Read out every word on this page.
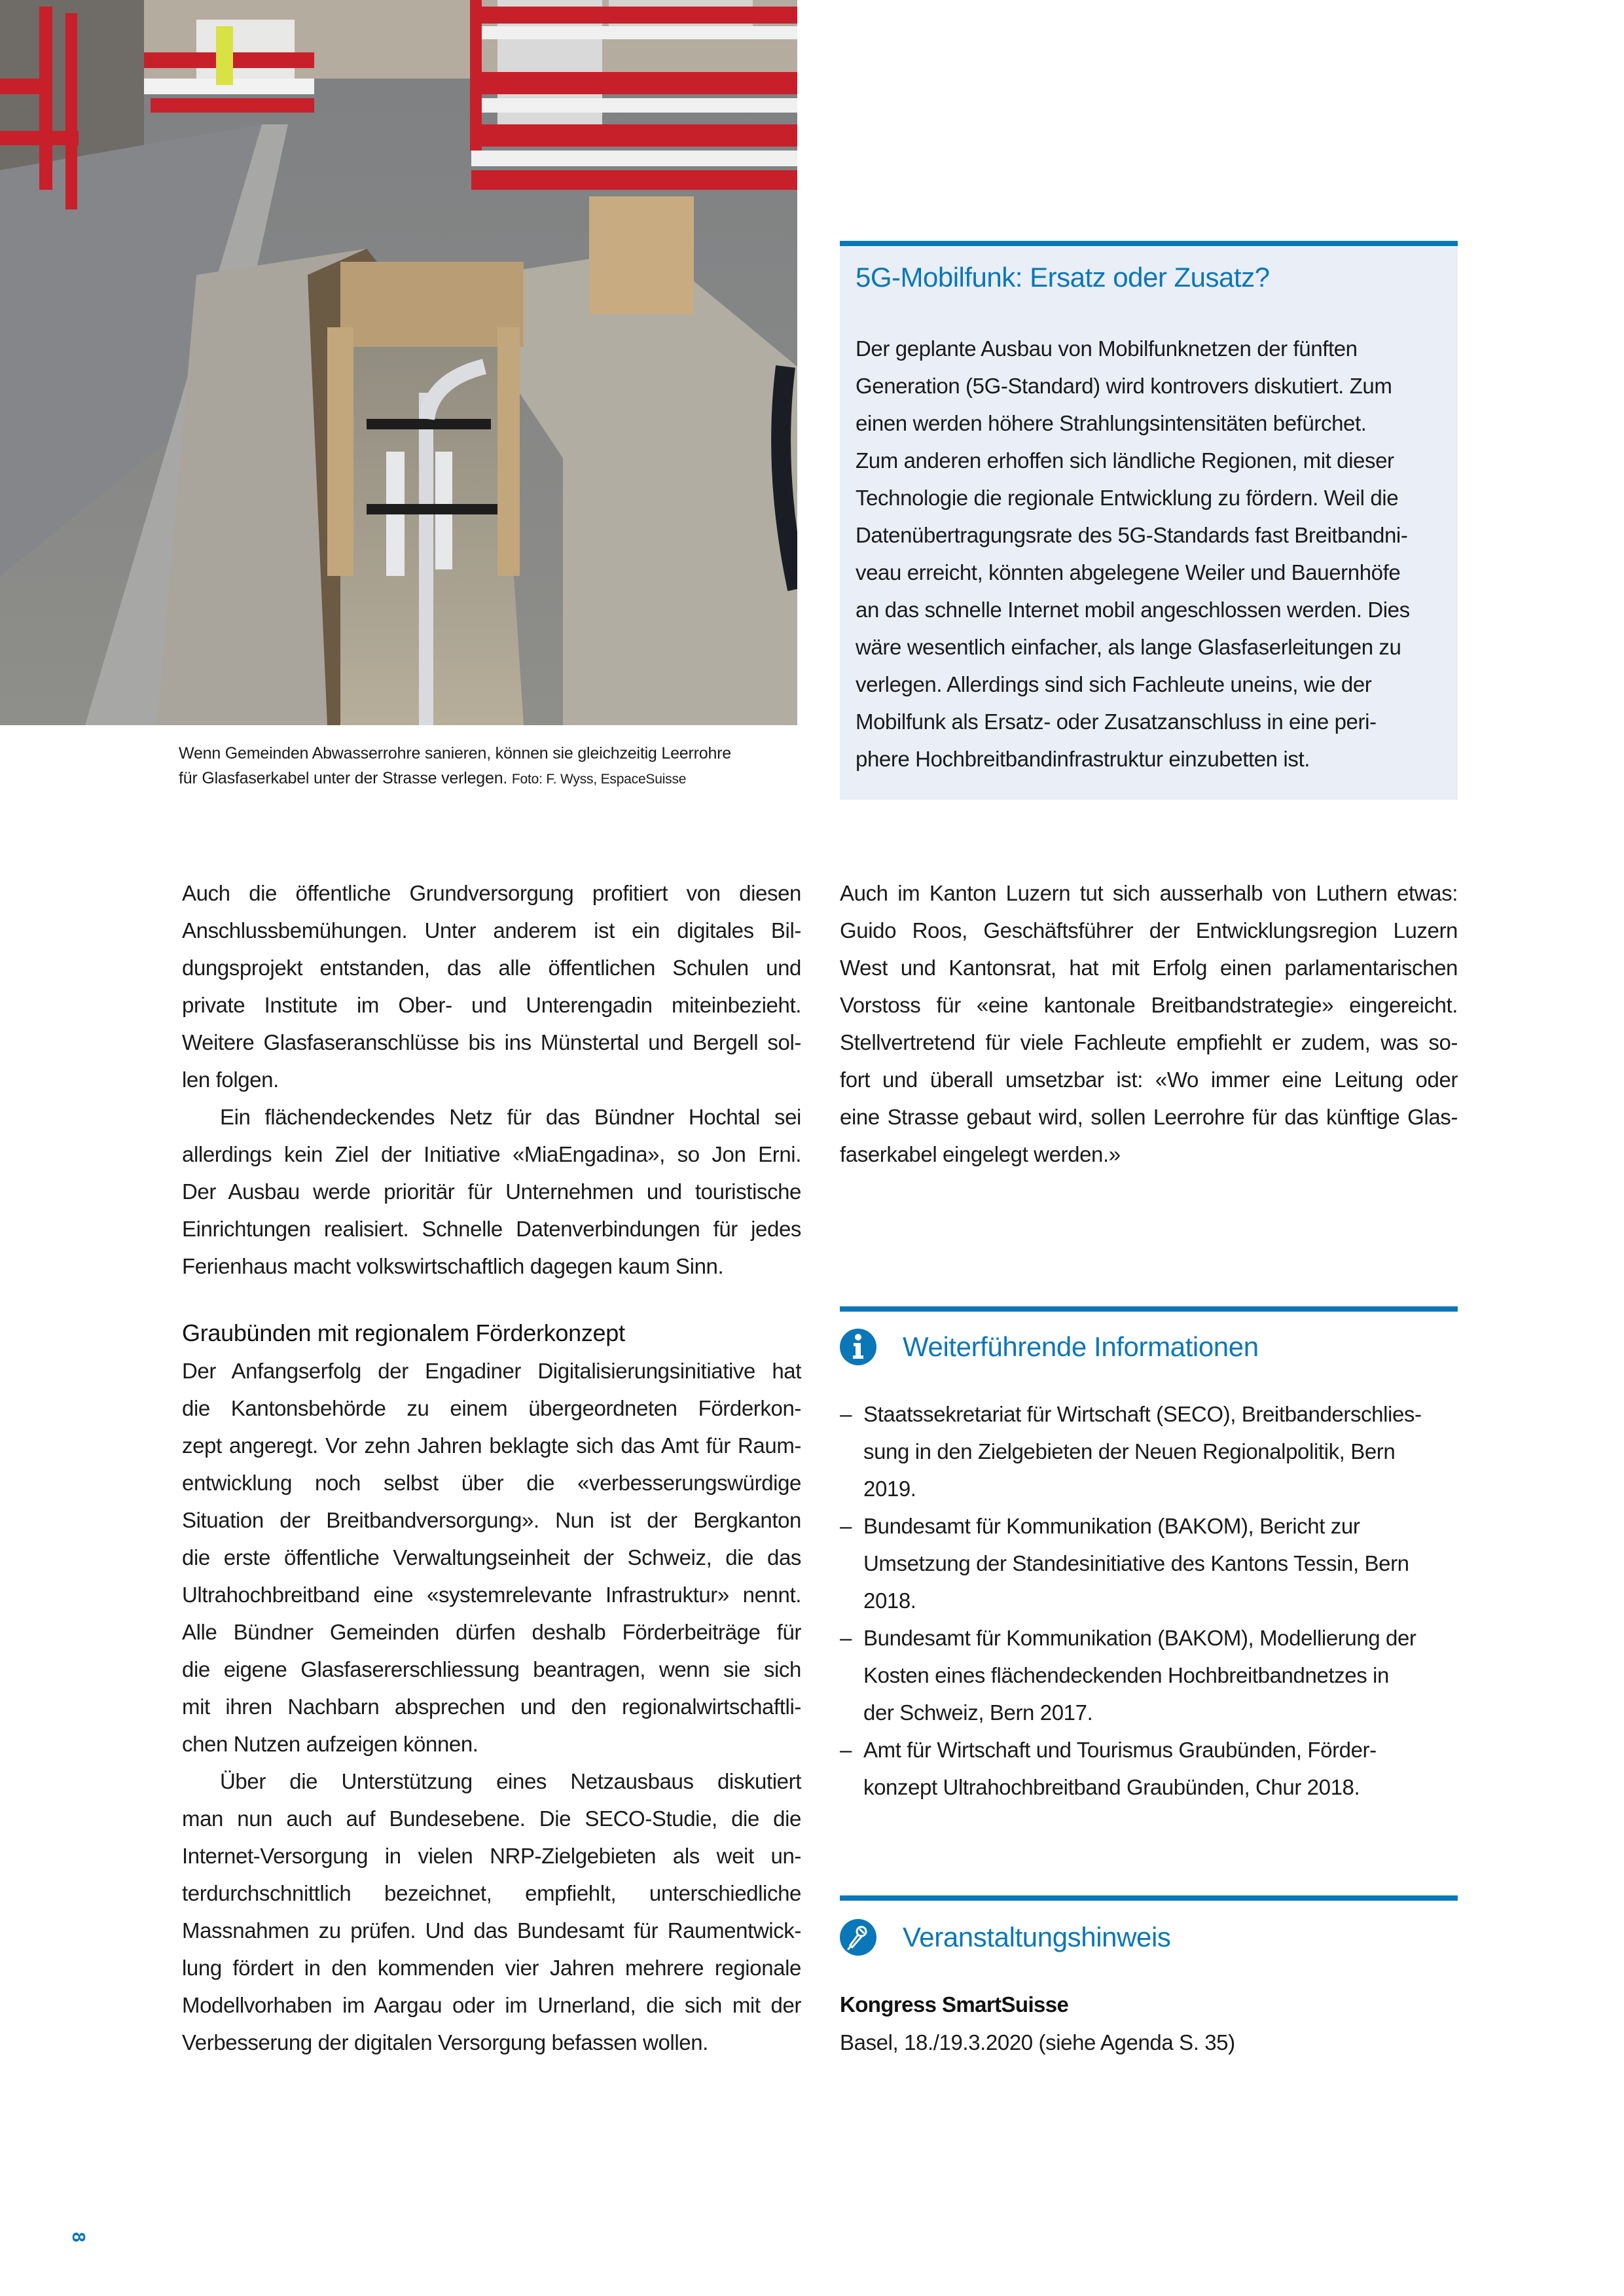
Wenn Gemeinden Abwasserrohre sanieren, können sie gleichzeitig Leerrohre
für Glasfaserkabel unter der Strasse verlegen. Foto: F. Wyss, EspaceSuisse
5G-Mobilfunk: Ersatz oder Zusatz?
Der geplante Ausbau von Mobilfunknetzen der fünften
Generation (5G-Standard) wird kontrovers diskutiert. Zum
einen werden höhere Strahlungsintensitäten befürchet.
Zum anderen erhoffen sich ländliche Regionen, mit dieser
Technologie die regionale Entwicklung zu fördern. Weil die
Datenübertragungsrate des 5G-Standards fast Breitbandni-
veau erreicht, könnten abgelegene Weiler und Bauernhöfe
an das schnelle Internet mobil angeschlossen werden. Dies
wäre wesentlich einfacher, als lange Glasfaserleitungen zu
verlegen. Allerdings sind sich Fachleute uneins, wie der
Mobilfunk als Ersatz- oder Zusatzanschluss in eine peri-
phere Hochbreitbandinfrastruktur einzubetten ist.
Auch die öffentliche Grundversorgung profitiert von diesen
Anschlussbemühungen. Unter anderem ist ein digitales Bil-
dungsprojekt entstanden, das alle öffentlichen Schulen und
private Institute im Ober- und Unterengadin miteinbezieht.
Weitere Glasfaseranschlüsse bis ins Münstertal und Bergell sol-
len folgen.
Ein flächendeckendes Netz für das Bündner Hochtal sei
allerdings kein Ziel der Initiative «MiaEngadina», so Jon Erni.
Der Ausbau werde prioritär für Unternehmen und touristische
Einrichtungen realisiert. Schnelle Datenverbindungen für jedes
Ferienhaus macht volkswirtschaftlich dagegen kaum Sinn.
Graubünden mit regionalem Förderkonzept
Der Anfangserfolg der Engadiner Digitalisierungsinitiative hat
die Kantonsbehörde zu einem übergeordneten Förderkon-
zept angeregt. Vor zehn Jahren beklagte sich das Amt für Raum-
entwicklung noch selbst über die «verbesserungswürdige
Situation der Breitbandversorgung». Nun ist der Bergkanton
die erste öffentliche Verwaltungseinheit der Schweiz, die das
Ultrahochbreitband eine «systemrelevante Infrastruktur» nennt.
Alle Bündner Gemeinden dürfen deshalb Förderbeiträge für
die eigene Glasfasererschliessung beantragen, wenn sie sich
mit ihren Nachbarn absprechen und den regionalwirtschaftli-
chen Nutzen aufzeigen können.
Über die Unterstützung eines Netzausbaus diskutiert
man nun auch auf Bundesebene. Die SECO-Studie, die die
Internet-Versorgung in vielen NRP-Zielgebieten als weit un-
terdurchschnittlich bezeichnet, empfiehlt, unterschiedliche
Massnahmen zu prüfen. Und das Bundesamt für Raumentwick-
lung fördert in den kommenden vier Jahren mehrere regionale
Modellvorhaben im Aargau oder im Urnerland, die sich mit der
Verbesserung der digitalen Versorgung befassen wollen.
Auch im Kanton Luzern tut sich ausserhalb von Luthern etwas:
Guido Roos, Geschäftsführer der Entwicklungsregion Luzern
West und Kantonsrat, hat mit Erfolg einen parlamentarischen
Vorstoss für «eine kantonale Breitbandstrategie» eingereicht.
Stellvertretend für viele Fachleute empfiehlt er zudem, was so-
fort und überall umsetzbar ist: «Wo immer eine Leitung oder
eine Strasse gebaut wird, sollen Leerrohre für das künftige Glas-
faserkabel eingelegt werden.»
Weiterführende Informationen
– Staatssekretariat für Wirtschaft (SECO), Breitbanderschlies-
sung in den Zielgebieten der Neuen Regionalpolitik, Bern
2019.
– Bundesamt für Kommunikation (BAKOM), Bericht zur
Umsetzung der Standesinitiative des Kantons Tessin, Bern
2018.
– Bundesamt für Kommunikation (BAKOM), Modellierung der
Kosten eines flächendeckenden Hochbreitbandnetzes in
der Schweiz, Bern 2017.
– Amt für Wirtschaft und Tourismus Graubünden, Förder-
konzept Ultrahochbreitband Graubünden, Chur 2018.
Veranstaltungshinweis
Kongress SmartSuisse
Basel, 18./19.3.2020 (siehe Agenda S. 35)
8
